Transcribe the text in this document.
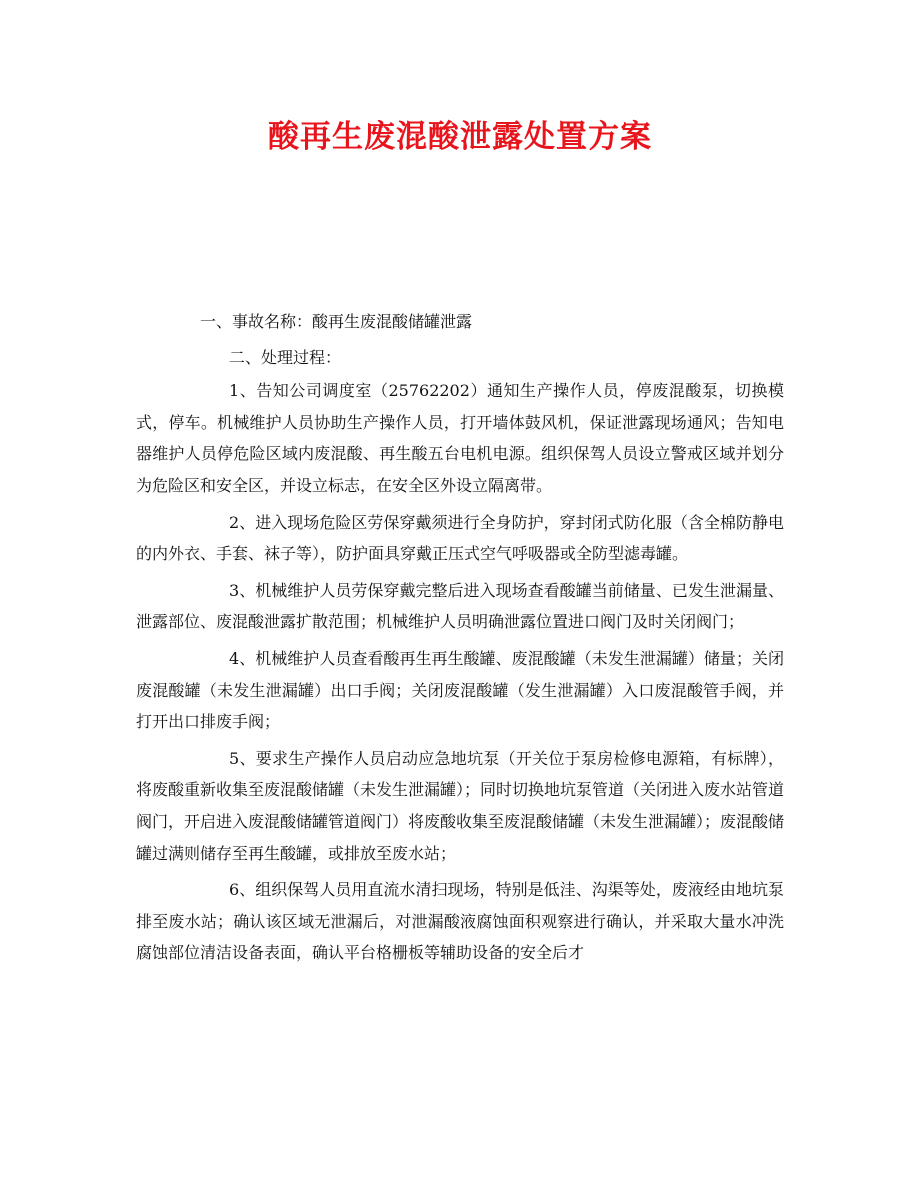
酸再生废混酸泄露处置方案

一、事故名称：酸再生废混酸储罐泄露

二、处理过程：

1、告知公司调度室（25762202）通知生产操作人员，停废混酸泵，切换模式，停车。机械维护人员协助生产操作人员，打开墙体鼓风机，保证泄露现场通风；告知电器维护人员停危险区域内废混酸、再生酸五台电机电源。组织保驾人员设立警戒区域并划分为危险区和安全区，并设立标志，在安全区外设立隔离带。

2、进入现场危险区劳保穿戴须进行全身防护，穿封闭式防化服（含全棉防静电的内外衣、手套、袜子等），防护面具穿戴正压式空气呼吸器或全防型滤毒罐。

3、机械维护人员劳保穿戴完整后进入现场查看酸罐当前储量、已发生泄漏量、泄露部位、废混酸泄露扩散范围；机械维护人员明确泄露位置进口阀门及时关闭阀门；

4、机械维护人员查看酸再生再生酸罐、废混酸罐（未发生泄漏罐）储量；关闭废混酸罐（未发生泄漏罐）出口手阀；关闭废混酸罐（发生泄漏罐）入口废混酸管手阀，并打开出口排废手阀；

5、要求生产操作人员启动应急地坑泵（开关位于泵房检修电源箱，有标牌），将废酸重新收集至废混酸储罐（未发生泄漏罐）；同时切换地坑泵管道（关闭进入废水站管道阀门，开启进入废混酸储罐管道阀门）将废酸收集至废混酸储罐（未发生泄漏罐）；废混酸储罐过满则储存至再生酸罐，或排放至废水站；

6、组织保驾人员用直流水清扫现场，特别是低洼、沟渠等处，废液经由地坑泵排至废水站；确认该区域无泄漏后，对泄漏酸液腐蚀面积观察进行确认，并采取大量水冲洗腐蚀部位清洁设备表面，确认平台格栅板等辅助设备的安全后才
